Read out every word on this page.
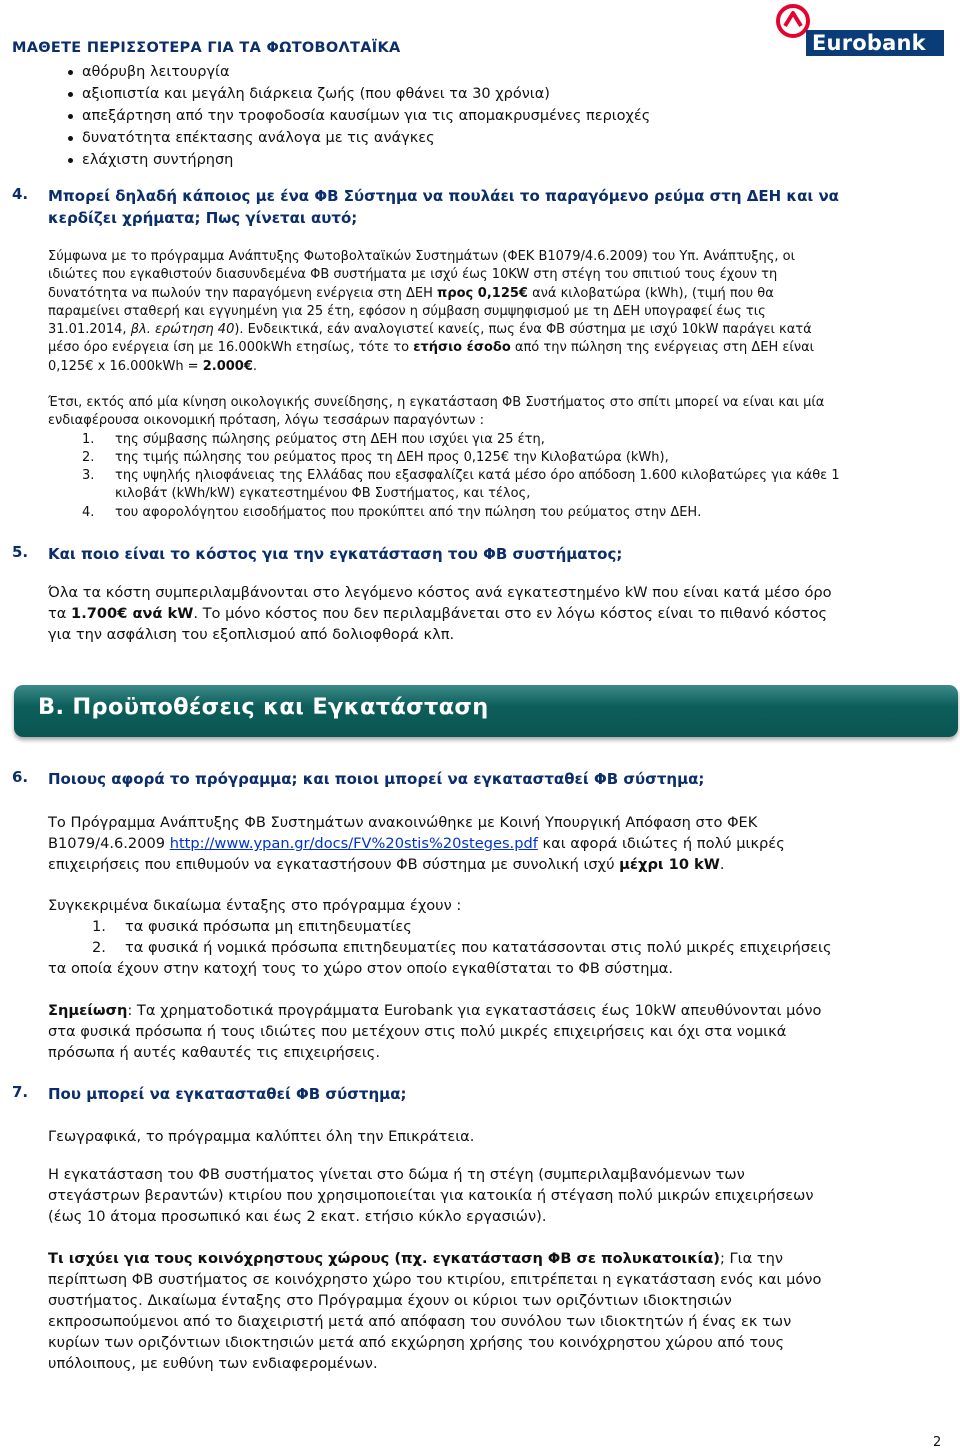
Eurobank
ΜΑΘΕΤΕ ΠΕΡΙΣΣΟΤΕΡΑ ΓΙΑ ΤΑ ΦΩΤΟΒΟΛΤΑΪΚΑ
αθόρυβη λειτουργία
αξιοπιστία και μεγάλη διάρκεια ζωής (που φθάνει τα 30 χρόνια)
απεξάρτηση από την τροφοδοσία καυσίμων για τις απομακρυσμένες περιοχές
δυνατότητα επέκτασης ανάλογα με τις ανάγκες
ελάχιστη συντήρηση
4. Μπορεί δηλαδή κάποιος με ένα ΦΒ Σύστημα να πουλάει το παραγόμενο ρεύμα στη ΔΕΗ και να
κερδίζει χρήματα; Πως γίνεται αυτό;
Σύμφωνα με το πρόγραμμα Ανάπτυξης Φωτοβολταϊκών Συστημάτων (ΦΕΚ Β1079/4.6.2009) του Υπ. Ανάπτυξης, οι
ιδιώτες που εγκαθιστούν διασυνδεμένα ΦΒ συστήματα με ισχύ έως 10KW στη στέγη του σπιτιού τους έχουν τη
δυνατότητα να πωλούν την παραγόμενη ενέργεια στη ΔΕΗ προς 0,125€ ανά κιλοβατώρα (kWh), (τιμή που θα
παραμείνει σταθερή και εγγυημένη για 25 έτη, εφόσον η σύμβαση συμψηφισμού με τη ΔΕΗ υπογραφεί έως τις
31.01.2014, βλ. ερώτηση 40). Ενδεικτικά, εάν αναλογιστεί κανείς, πως ένα ΦΒ σύστημα με ισχύ 10kW παράγει κατά
μέσο όρο ενέργεια ίση με 16.000kWh ετησίως, τότε το ετήσιο έσοδο από την πώληση της ενέργειας στη ΔΕΗ είναι
0,125€ x 16.000kWh = 2.000€.
Έτσι, εκτός από μία κίνηση οικολογικής συνείδησης, η εγκατάσταση ΦΒ Συστήματος στο σπίτι μπορεί να είναι και μία
ενδιαφέρουσα οικονομική πρόταση, λόγω τεσσάρων παραγόντων :
1. της σύμβασης πώλησης ρεύματος στη ΔΕΗ που ισχύει για 25 έτη,
2. της τιμής πώλησης του ρεύματος προς τη ΔΕΗ προς 0,125€ την Κιλοβατώρα (kWh),
3. της υψηλής ηλιοφάνειας της Ελλάδας που εξασφαλίζει κατά μέσο όρο απόδοση 1.600 κιλοβατώρες για κάθε 1
κιλοβάτ (kWh/kW) εγκατεστημένου ΦΒ Συστήματος, και τέλος,
4. του αφορολόγητου εισοδήματος που προκύπτει από την πώληση του ρεύματος στην ΔΕΗ.
5. Και ποιο είναι το κόστος για την εγκατάσταση του ΦΒ συστήματος;
Όλα τα κόστη συμπεριλαμβάνονται στο λεγόμενο κόστος ανά εγκατεστημένο kW που είναι κατά μέσο όρο
τα 1.700€ ανά kW. Το μόνο κόστος που δεν περιλαμβάνεται στο εν λόγω κόστος είναι το πιθανό κόστος
για την ασφάλιση του εξοπλισμού από δολιοφθορά κλπ.
Β. Προϋποθέσεις και Εγκατάσταση
6. Ποιους αφορά το πρόγραμμα; και ποιοι μπορεί να εγκατασταθεί ΦΒ σύστημα;
Το Πρόγραμμα Ανάπτυξης ΦΒ Συστημάτων ανακοινώθηκε με Κοινή Υπουργική Απόφαση στο ΦΕΚ
Β1079/4.6.2009 http://www.ypan.gr/docs/FV%20stis%20steges.pdf και αφορά ιδιώτες ή πολύ μικρές
επιχειρήσεις που επιθυμούν να εγκαταστήσουν ΦΒ σύστημα με συνολική ισχύ μέχρι 10 kW.
Συγκεκριμένα δικαίωμα ένταξης στο πρόγραμμα έχουν :
1. τα φυσικά πρόσωπα μη επιτηδευματίες
2. τα φυσικά ή νομικά πρόσωπα επιτηδευματίες που κατατάσσονται στις πολύ μικρές επιχειρήσεις
τα οποία έχουν στην κατοχή τους το χώρο στον οποίο εγκαθίσταται το ΦΒ σύστημα.
Σημείωση: Τα χρηματοδοτικά προγράμματα Eurobank για εγκαταστάσεις έως 10kW απευθύνονται μόνο
στα φυσικά πρόσωπα ή τους ιδιώτες που μετέχουν στις πολύ μικρές επιχειρήσεις και όχι στα νομικά
πρόσωπα ή αυτές καθαυτές τις επιχειρήσεις.
7. Που μπορεί να εγκατασταθεί ΦΒ σύστημα;
Γεωγραφικά, το πρόγραμμα καλύπτει όλη την Επικράτεια.
Η εγκατάσταση του ΦΒ συστήματος γίνεται στο δώμα ή τη στέγη (συμπεριλαμβανόμενων των
στεγάστρων βεραντών) κτιρίου που χρησιμοποιείται για κατοικία ή στέγαση πολύ μικρών επιχειρήσεων
(έως 10 άτομα προσωπικό και έως 2 εκατ. ετήσιο κύκλο εργασιών).
Τι ισχύει για τους κοινόχρηστους χώρους (πχ. εγκατάσταση ΦΒ σε πολυκατοικία); Για την
περίπτωση ΦΒ συστήματος σε κοινόχρηστο χώρο του κτιρίου, επιτρέπεται η εγκατάσταση ενός και μόνο
συστήματος. Δικαίωμα ένταξης στο Πρόγραμμα έχουν οι κύριοι των οριζόντιων ιδιοκτησιών
εκπροσωπούμενοι από το διαχειριστή μετά από απόφαση του συνόλου των ιδιοκτητών ή ένας εκ των
κυρίων των οριζόντιων ιδιοκτησιών μετά από εκχώρηση χρήσης του κοινόχρηστου χώρου από τους
υπόλοιπους, με ευθύνη των ενδιαφερομένων.
2
